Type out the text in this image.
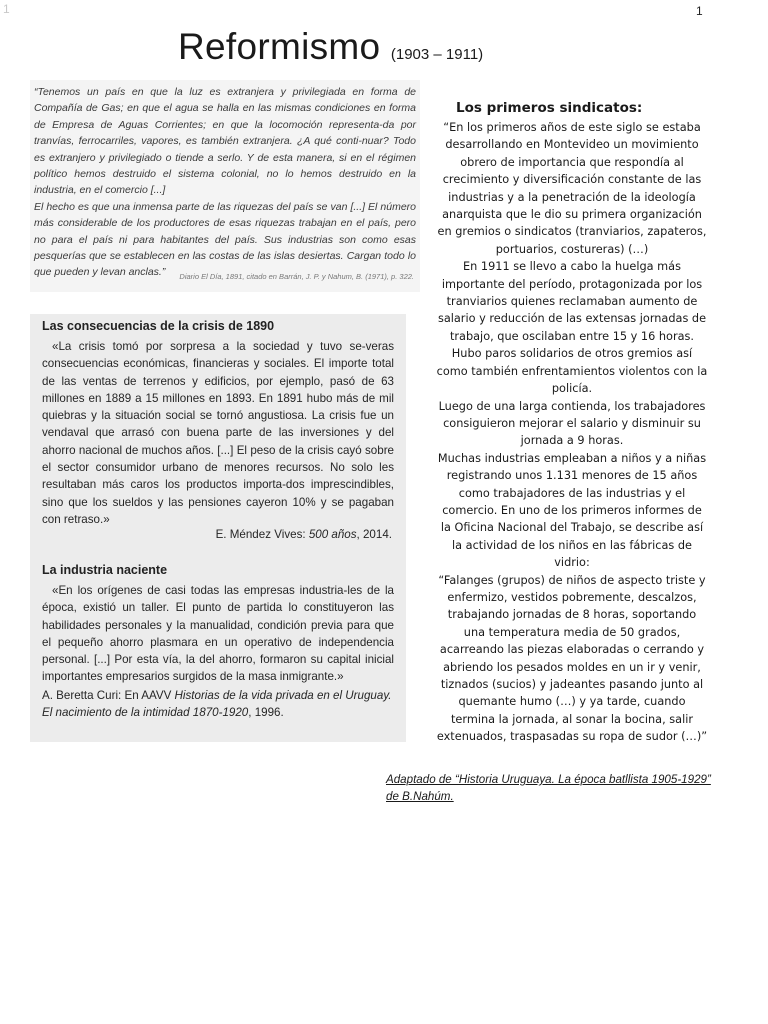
1	1
Reformismo (1903 – 1911)

“Tenemos un país en que la luz es extranjera y privilegiada en forma de Compañía de Gas; en que el agua se halla en las mismas condiciones en forma de Empresa de Aguas Corrientes; en que la locomoción representa-da por tranvías, ferrocarriles, vapores, es también extranjera. ¿A qué conti-nuar? Todo es extranjero y privilegiado o tiende a serlo. Y de esta manera, si en el régimen político hemos destruido el sistema colonial, no lo hemos destruido en la industria, en el comercio [...]

El hecho es que una inmensa parte de las riquezas del país se van [...] El número más considerable de los productores de esas riquezas trabajan en el país, pero no para el país ni para habitantes del país. Sus industrias son como esas pesquerías que se establecen en las costas de las islas desiertas. Cargan todo lo que pueden y levan anclas.”	Diario El Día, 1891, citado en Barrán, J. P. y Nahum, B. (1971), p. 322.
Las consecuencias de la crisis de 1890

«La crisis tomó por sorpresa a la sociedad y tuvo se-veras consecuencias económicas, financieras y sociales. El importe total de las ventas de terrenos y edificios, por ejemplo, pasó de 63 millones en 1889 a 15 millones en 1893. En 1891 hubo más de mil quiebras y la situación social se tornó angustiosa. La crisis fue un vendaval que arrasó con buena parte de las inversiones y del ahorro nacional de muchos años. [...] El peso de la crisis cayó sobre el sector consumidor urbano de menores recursos. No solo les resultaban más caros los productos importa-dos imprescindibles, sino que los sueldos y las pensiones cayeron 10% y se pagaban con retraso.»

E. Méndez Vives: 500 años, 2014.
La industria naciente

«En los orígenes de casi todas las empresas industria-les de la época, existió un taller. El punto de partida lo constituyeron las habilidades personales y la manualidad, condición previa para que el pequeño ahorro plasmara en un operativo de independencia personal. [...] Por esta vía, la del ahorro, formaron su capital inicial importantes empresarios surgidos de la masa inmigrante.»

A. Beretta Curi: En AAVV Historias de la vida privada en el Uruguay. El nacimiento de la intimidad 1870-1920, 1996.
Los primeros sindicatos:

“En los primeros años de este siglo se estaba desarrollando en Montevideo un movimiento obrero de importancia que respondía al crecimiento y diversificación constante de las industrias y a la penetración de la ideología anarquista que le dio su primera organización en gremios o sindicatos (tranviarios, zapateros, portuarios, costureras) (…)

En 1911 se llevo a cabo la huelga más importante del período, protagonizada por los tranviarios quienes reclamaban aumento de salario y reducción de las extensas jornadas de trabajo, que oscilaban entre 15 y 16 horas. Hubo paros solidarios de otros gremios así como también enfrentamientos violentos con la policía.

Luego de una larga contienda, los trabajadores consiguieron mejorar el salario y disminuir su jornada a 9 horas.

Muchas industrias empleaban a niños y a niñas registrando unos 1.131 menores de 15 años como trabajadores de las industrias y el comercio. En uno de los primeros informes de la Oficina Nacional del Trabajo, se describe así la actividad de los niños en las fábricas de vidrio:

“Falanges (grupos) de niños de aspecto triste y enfermizo, vestidos pobremente, descalzos, trabajando jornadas de 8 horas, soportando una temperatura media de 50 grados, acarreando las piezas elaboradas o cerrando y abriendo los pesados moldes en un ir y venir, tiznados (sucios) y jadeantes pasando junto al quemante humo (…) y ya tarde, cuando termina la jornada, al sonar la bocina, salir extenuados, traspasadas su ropa de sudor (…)”

Adaptado de “Historia Uruguaya. La época batllista 1905-1929” de B.Nahúm.
